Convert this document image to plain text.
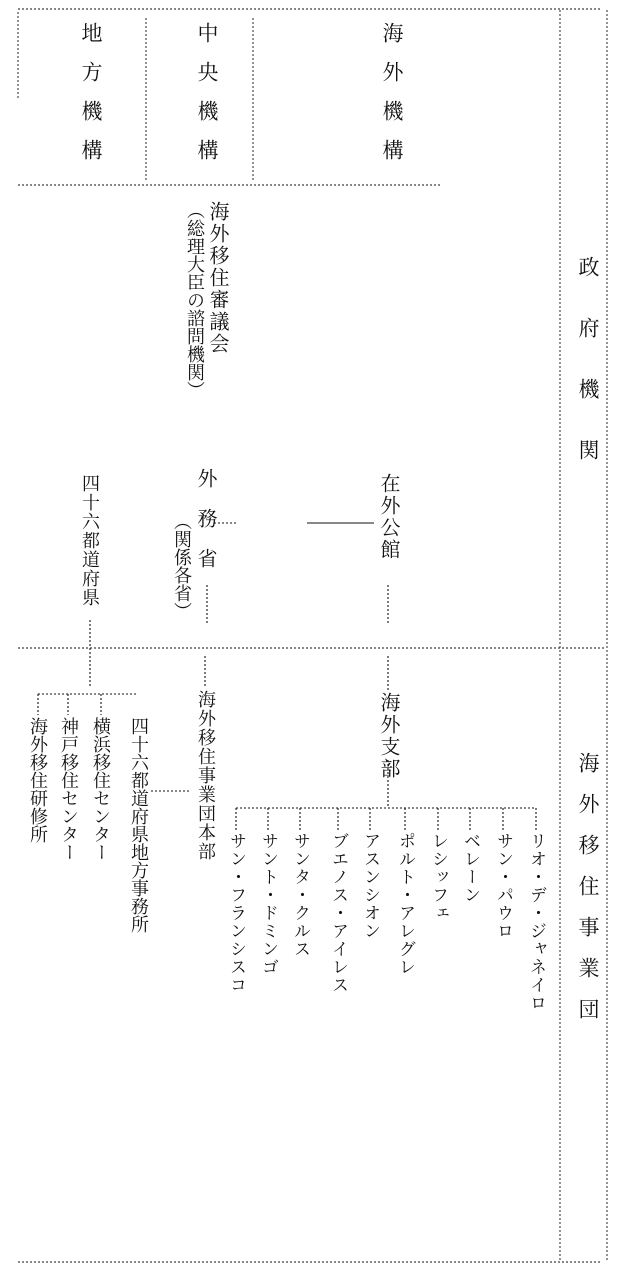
地方機構	中央機構	海外機構
政府機関
海外移住事業団
海外移住審議会
（総理大臣の諮問機関）
外務省
（関係各省）	在外公館
四十六都道府県
海外移住事業団本部
四十六都道府県地方事務所	海外支部
横浜移住センター
神戸移住センター
海外移住研修所
リオ・デ・ジャネイロ
サン・パウロ
ベレーン
レシッフェ
ポルト・アレグレ
アスンシオン
ブエノス・アイレス
サンタ・クルス
サント・ドミンゴ
サン・フランシスコ
